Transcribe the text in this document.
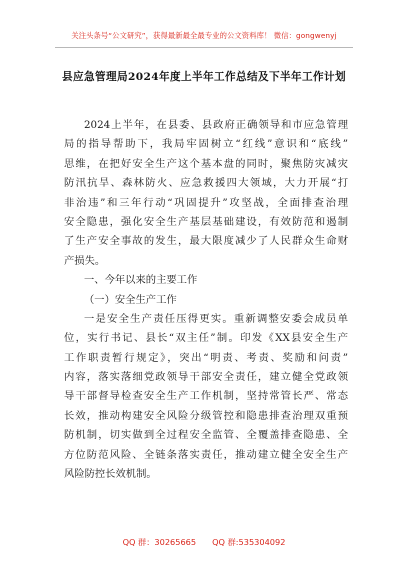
关注头条号“公文研究”，获得最新最全最专业的公文资料库！ 微信：gongwenyj
县应急管理局2024年度上半年工作总结及下半年工作计划
2024上半年，在县委、县政府正确领导和市应急管理
局的指导帮助下，我局牢固树立“红线”意识和“底线”
思维，在把好安全生产这个基本盘的同时，聚焦防灾减灾
防汛抗旱、森林防火、应急救援四大领域，大力开展“打
非治违”和三年行动“巩固提升”攻坚战，全面排查治理
安全隐患，强化安全生产基层基础建设，有效防范和遏制
了生产安全事故的发生，最大限度减少了人民群众生命财
产损失。
一、今年以来的主要工作
（一）安全生产工作
一是安全生产责任压得更实。重新调整安委会成员单
位，实行书记、县长“双主任”制。印发《XX县安全生产
工作职责暂行规定》，突出“明责、考责、奖励和问责”
内容，落实落细党政领导干部安全责任，建立健全党政领
导干部督导检查安全生产工作机制，坚持常管长严、常态
长效，推动构建安全风险分级管控和隐患排查治理双重预
防机制，切实做到全过程安全监管、全覆盖排查隐患、全
方位防范风险、全链条落实责任，推动建立健全安全生产
风险防控长效机制。
QQ 群：30265665 QQ 群:535304092
